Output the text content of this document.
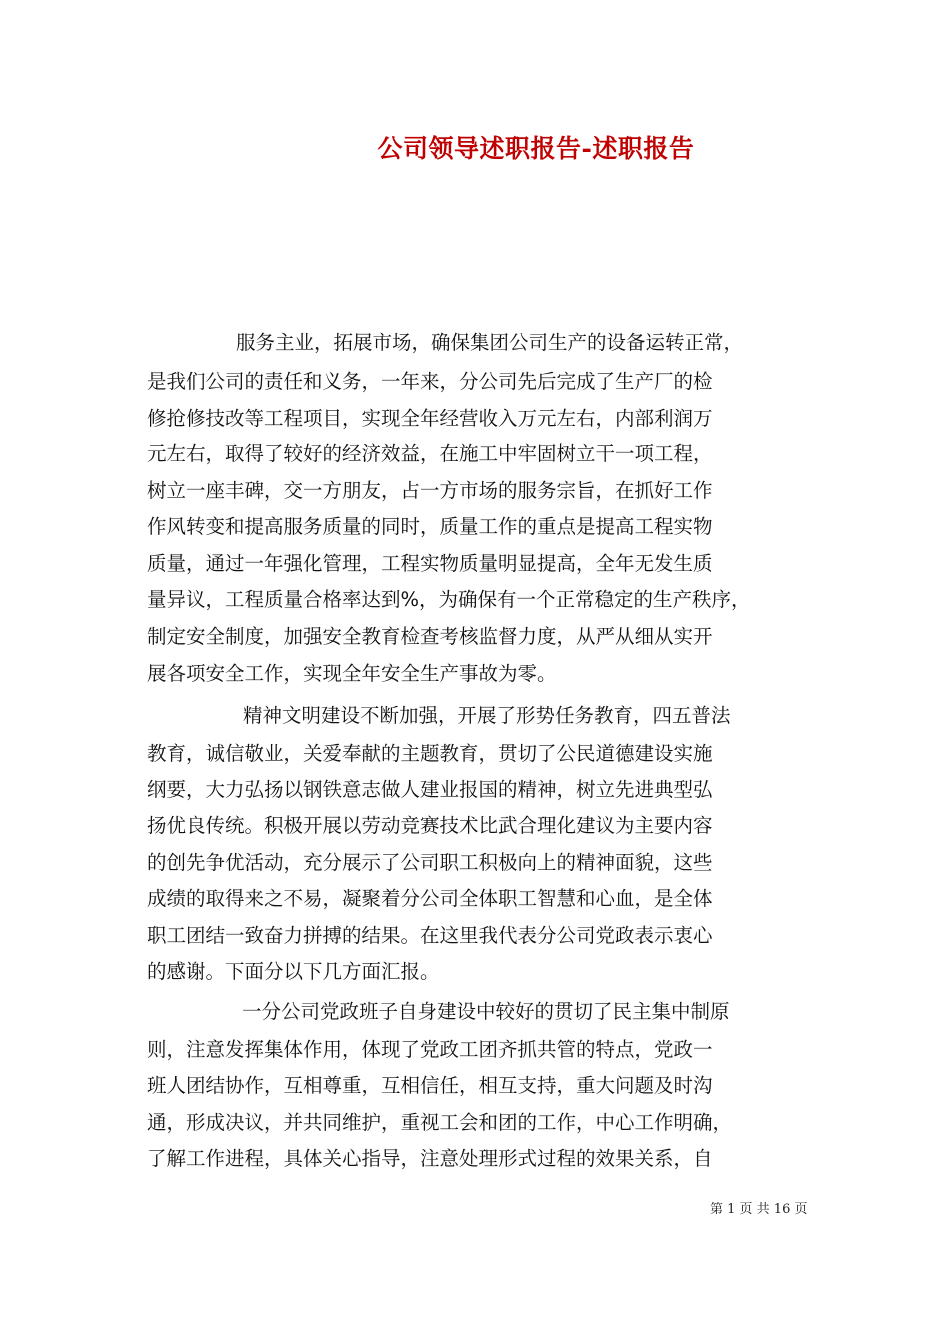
公司领导述职报告-述职报告
服务主业，拓展市场，确保集团公司生产的设备运转正常，
是我们公司的责任和义务，一年来，分公司先后完成了生产厂的检
修抢修技改等工程项目，实现全年经营收入万元左右，内部利润万
元左右，取得了较好的经济效益，在施工中牢固树立干一项工程，
树立一座丰碑，交一方朋友，占一方市场的服务宗旨，在抓好工作
作风转变和提高服务质量的同时，质量工作的重点是提高工程实物
质量，通过一年强化管理，工程实物质量明显提高，全年无发生质
量异议，工程质量合格率达到%，为确保有一个正常稳定的生产秩序，
制定安全制度，加强安全教育检查考核监督力度，从严从细从实开
展各项安全工作，实现全年安全生产事故为零。
精神文明建设不断加强，开展了形势任务教育，四五普法
教育，诚信敬业，关爱奉献的主题教育，贯切了公民道德建设实施
纲要，大力弘扬以钢铁意志做人建业报国的精神，树立先进典型弘
扬优良传统。积极开展以劳动竞赛技术比武合理化建议为主要内容
的创先争优活动，充分展示了公司职工积极向上的精神面貌，这些
成绩的取得来之不易，凝聚着分公司全体职工智慧和心血，是全体
职工团结一致奋力拼搏的结果。在这里我代表分公司党政表示衷心
的感谢。下面分以下几方面汇报。
一分公司党政班子自身建设中较好的贯切了民主集中制原
则，注意发挥集体作用，体现了党政工团齐抓共管的特点，党政一
班人团结协作，互相尊重，互相信任，相互支持，重大问题及时沟
通，形成决议，并共同维护，重视工会和团的工作，中心工作明确，
了解工作进程，具体关心指导，注意处理形式过程的效果关系，自
第 1 页 共 16 页
